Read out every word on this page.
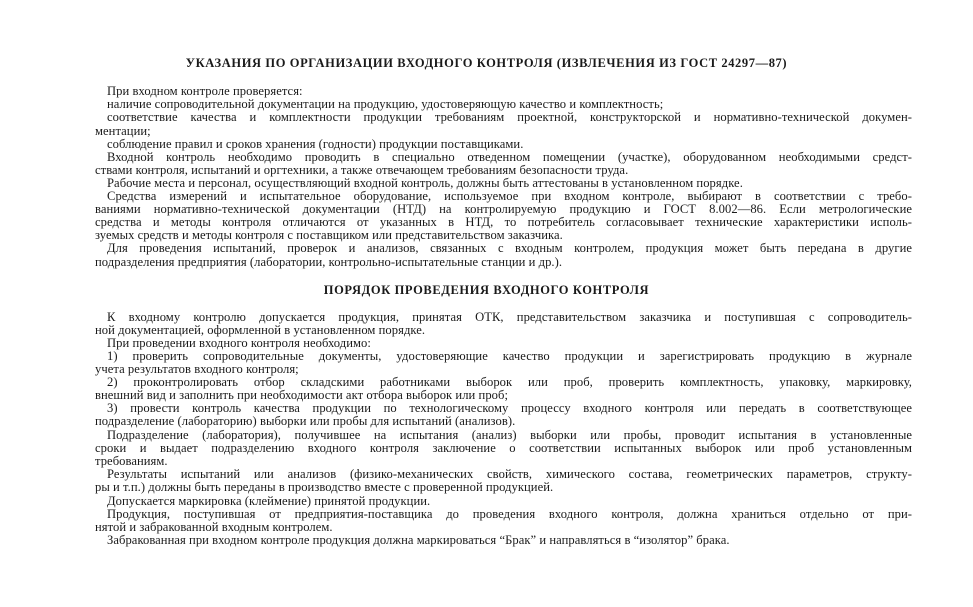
УКАЗАНИЯ ПО ОРГАНИЗАЦИИ ВХОДНОГО КОНТРОЛЯ (ИЗВЛЕЧЕНИЯ ИЗ ГОСТ 24297—87)
При входном контроле проверяется:
наличие сопроводительной документации на продукцию, удостоверяющую качество и комплектность;
соответствие качества и комплектности продукции требованиям проектной, конструкторской и нормативно-технической докумен-
ментации;
соблюдение правил и сроков хранения (годности) продукции поставщиками.
Входной контроль необходимо проводить в специально отведенном помещении (участке), оборудованном необходимыми средст-
ствами контроля, испытаний и оргтехники, а также отвечающем требованиям безопасности труда.
Рабочие места и персонал, осуществляющий входной контроль, должны быть аттестованы в установленном порядке.
Средства измерений и испытательное оборудование, используемое при входном контроле, выбирают в соответствии с требо-
ваниями нормативно-технической документации (НТД) на контролируемую продукцию и ГОСТ 8.002—86. Если метрологические
средства и методы контроля отличаются от указанных в НТД, то потребитель согласовывает технические характеристики исполь-
зуемых средств и методы контроля с поставщиком или представительством заказчика.
Для проведения испытаний, проверок и анализов, связанных с входным контролем, продукция может быть передана в другие
подразделения предприятия (лаборатории, контрольно-испытательные станции и др.).
ПОРЯДОК ПРОВЕДЕНИЯ ВХОДНОГО КОНТРОЛЯ
К входному контролю допускается продукция, принятая ОТК, представительством заказчика и поступившая с сопроводитель-
ной документацией, оформленной в установленном порядке.
При проведении входного контроля необходимо:
1) проверить сопроводительные документы, удостоверяющие качество продукции и зарегистрировать продукцию в журнале
учета результатов входного контроля;
2) проконтролировать отбор складскими работниками выборок или проб, проверить комплектность, упаковку, маркировку,
внешний вид и заполнить при необходимости акт отбора выборок или проб;
3) провести контроль качества продукции по технологическому процессу входного контроля или передать в соответствующее
подразделение (лабораторию) выборки или пробы для испытаний (анализов).
Подразделение (лаборатория), получившее на испытания (анализ) выборки или пробы, проводит испытания в установленные
сроки и выдает подразделению входного контроля заключение о соответствии испытанных выборок или проб установленным
требованиям.
Результаты испытаний или анализов (физико-механических свойств, химического состава, геометрических параметров, структу-
ры и т.п.) должны быть переданы в производство вместе с проверенной продукцией.
Допускается маркировка (клеймение) принятой продукции.
Продукция, поступившая от предприятия-поставщика до проведения входного контроля, должна храниться отдельно от при-
нятой и забракованной входным контролем.
Забракованная при входном контроле продукция должна маркироваться “Брак” и направляться в “изолятор” брака.
